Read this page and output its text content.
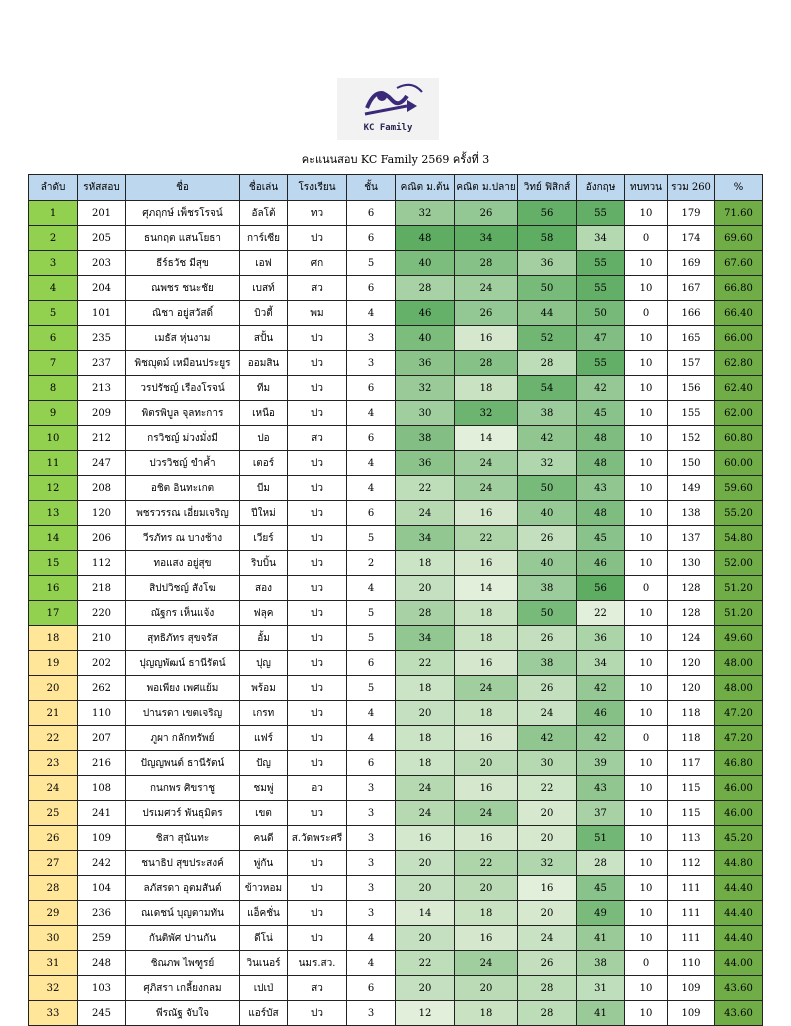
KC Family
คะแนนสอบ KC Family 2569 ครั้งที่ 3
ลำดับ	รหัสสอบ	ชื่อ	ชื่อเล่น	โรงเรียน	ชั้น	คณิต ม.ต้น	คณิต ม.ปลาย	วิทย์ ฟิสิกส์	อังกฤษ	ทบทวน	รวม 260	%
1	201	ศุภฤกษ์ เพ็ชรโรจน์	อัลโต้	ทว	6	32	26	56	55	10	179	71.60
2	205	ธนกฤต แสนโยธา	การ์เซีย	ปว	6	48	34	58	34	0	174	69.60
3	203	ธีร์ธวัช มีสุข	เอฟ	ศก	5	40	28	36	55	10	169	67.60
4	204	ณพชร ชนะชัย	เบสท์	สว	6	28	24	50	55	10	167	66.80
5	101	ณิชา อยู่สวัสดิ์	บิวตี้	พม	4	46	26	44	50	0	166	66.40
6	235	เมธัส หุ่นงาม	สปั้น	ปว	3	40	16	52	47	10	165	66.00
7	237	พิชญุตม์ เหมือนประยูร	ออมสิน	ปว	3	36	28	28	55	10	157	62.80
8	213	วรปรัชญ์ เรืองโรจน์	ทีม	ปว	6	32	18	54	42	10	156	62.40
9	209	พิตรพิบูล จุลทะการ	เหนือ	ปว	4	30	32	38	45	10	155	62.00
10	212	กรวิชญ์ ม่วงมั่งมี	ปอ	สว	6	38	14	42	48	10	152	60.80
11	247	ปวรวิชญ์ ขำค้ำ	เตอร์	ปว	4	36	24	32	48	10	150	60.00
12	208	อชิต อินทะเกต	บีม	ปว	4	22	24	50	43	10	149	59.60
13	120	พชรวรรณ เอี่ยมเจริญ	ปีใหม่	ปว	6	24	16	40	48	10	138	55.20
14	206	วีรภัทร ณ บางช้าง	เวียร์	ปว	5	34	22	26	45	10	137	54.80
15	112	ทอแสง อยู่สุข	ริบบิ้น	ปว	2	18	16	40	46	10	130	52.00
16	218	สิปปวิชญ์ สังโฆ	สอง	บว	4	20	14	38	56	0	128	51.20
17	220	ณัฐกร เห็นแจ้ง	ฟลุค	ปว	5	28	18	50	22	10	128	51.20
18	210	สุทธิภัทร สุขจรัส	อั้ม	ปว	5	34	18	26	36	10	124	49.60
19	202	ปุญญพัฒน์ ธานีรัตน์	ปุญ	ปว	6	22	16	38	34	10	120	48.00
20	262	พอเพียง เพศแย้ม	พร้อม	ปว	5	18	24	26	42	10	120	48.00
21	110	ปานรดา เขตเจริญ	เกรท	ปว	4	20	18	24	46	10	118	47.20
22	207	ภูผา กลักทรัพย์	แฟร์	ปว	4	18	16	42	42	0	118	47.20
23	216	ปัญญพนต์ ธานีรัตน์	ปัญ	ปว	6	18	20	30	39	10	117	46.80
24	108	กนกพร ศิขราชู	ชมพู่	อว	3	24	16	22	43	10	115	46.00
25	241	ปรเมศวร์ พันธุมิตร	เขต	บว	3	24	24	20	37	10	115	46.00
26	109	ชิสา สุนันทะ	คนดี	ส.วัดพระศรี	3	16	16	20	51	10	113	45.20
27	242	ชนาธิป สุขประสงค์	พู่กัน	ปว	3	20	22	32	28	10	112	44.80
28	104	ลภัสรดา อุตมสันต์	ข้าวหอม	ปว	3	20	20	16	45	10	111	44.40
29	236	ณเดชน์ บุญตามทัน	แอ็คชั่น	ปว	3	14	18	20	49	10	111	44.40
30	259	กันติพัศ ปานกัน	ดีโน่	ปว	4	20	16	24	41	10	111	44.40
31	248	ชิณภพ ไพฑูรย์	วินเนอร์	นมร.สว.	4	22	24	26	38	0	110	44.00
32	103	ศุภิสรา เกลี้ยงกลม	เปเป่	สว	6	20	20	28	31	10	109	43.60
33	245	พีรณัฐ จับใจ	แอร์บัส	ปว	3	12	18	28	41	10	109	43.60
